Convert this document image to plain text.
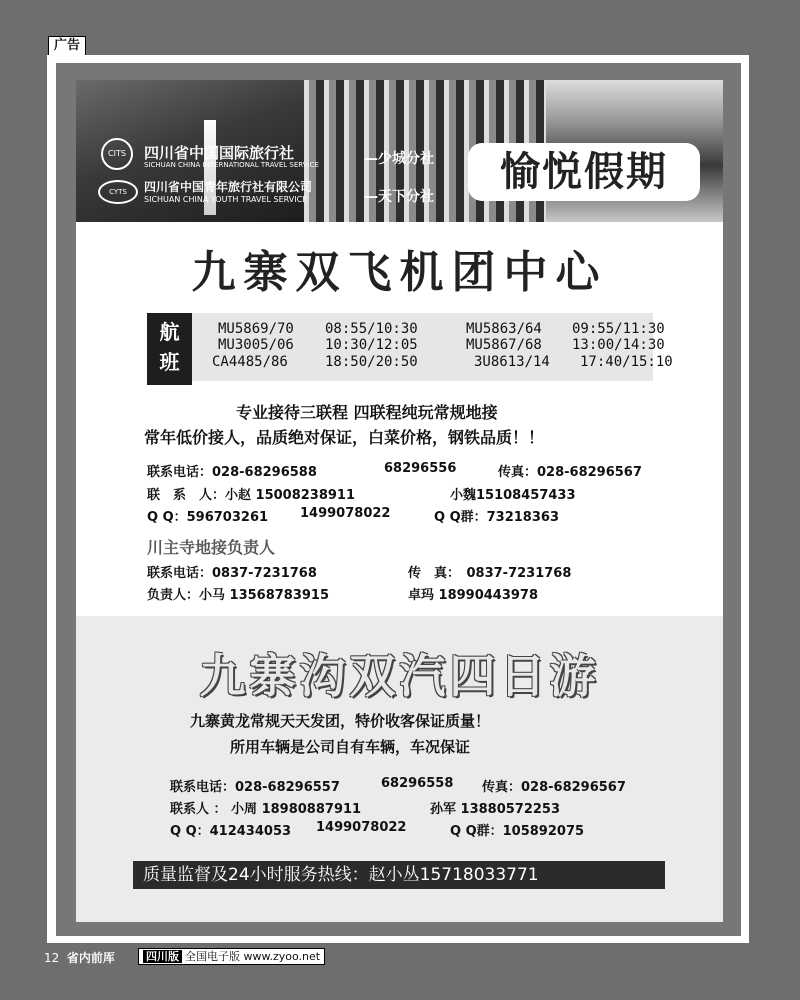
广告
CITS	四川省中国国际旅行社
SICHUAN CHINA INTERNATIONAL TRAVEL SERVICE	—少城分社
CYTS	四川省中国青年旅行社有限公司
SICHUAN CHINA YOUTH TRAVEL SERVICE	—天下分社
愉悦假期
九寨双飞机团中心
航
班
MU5869/70 08:55/10:30	MU5863/64 09:55/11:30
MU3005/06 10:30/12:05	MU5867/68 13:00/14:30
CA4485/86	18:50/20:50	3U8613/14 17:40/15:10
专业接待三联程 四联程纯玩常规地接
常年低价接人，品质绝对保证，白菜价格，钢铁品质！！
联系电话：028-68296588	68296556	传真：028-68296567
联　系　人：小赵 15008238911	小魏15108457433
Q Q：596703261 1499078022	Q Q群：73218363
川主寺地接负责人
联系电话：0837-7231768	传　真：　0837-7231768
负责人：小马 13568783915	卓玛 18990443978
九寨沟双汽四日游
九寨黄龙常规天天发团，特价收客保证质量！
所用车辆是公司自有车辆，车况保证
联系电话：028-68296557	68296558 传真：028-68296567
联系人 ： 小周 18980887911	孙军 13880572253
Q Q：412434053 1499078022	Q Q群：105892075
质量监督及24小时服务热线：赵小丛15718033771
12 省内前厍	四川版 全国电子版 www.zyoo.net
